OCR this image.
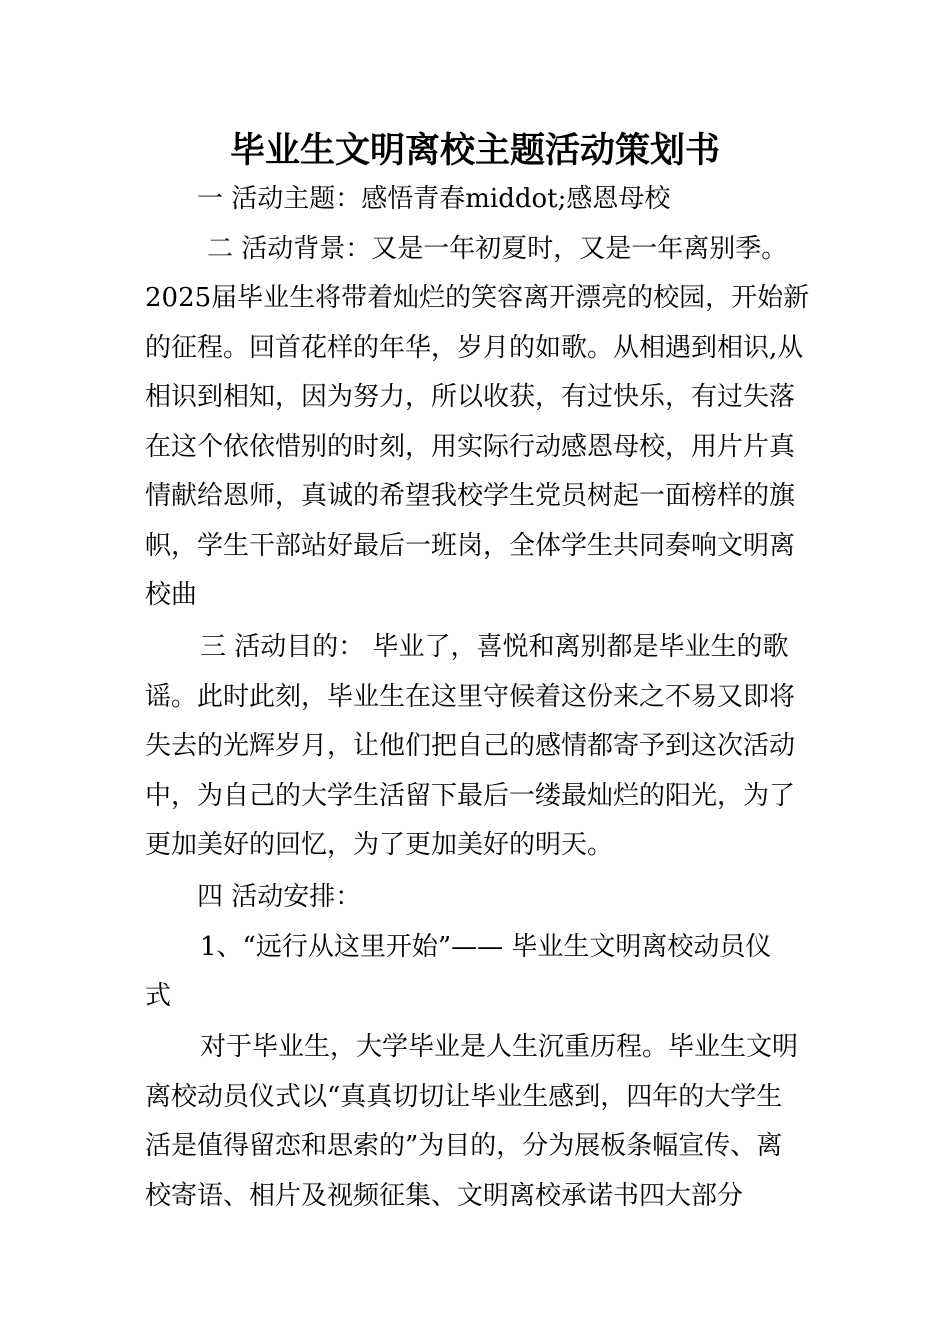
毕业生文明离校主题活动策划书
一 活动主题：感悟青春middot;感恩母校
二 活动背景：又是一年初夏时，又是一年离别季。
2025届毕业生将带着灿烂的笑容离开漂亮的校园，开始新
的征程。回首花样的年华，岁月的如歌。从相遇到相识,从
相识到相知，因为努力，所以收获，有过快乐，有过失落
在这个依依惜别的时刻，用实际行动感恩母校，用片片真
情献给恩师，真诚的希望我校学生党员树起一面榜样的旗
帜，学生干部站好最后一班岗，全体学生共同奏响文明离
校曲
三 活动目的： 毕业了，喜悦和离别都是毕业生的歌
谣。此时此刻，毕业生在这里守候着这份来之不易又即将
失去的光辉岁月，让他们把自己的感情都寄予到这次活动
中，为自己的大学生活留下最后一缕最灿烂的阳光，为了
更加美好的回忆，为了更加美好的明天。
四 活动安排：
1、“远行从这里开始”—— 毕业生文明离校动员仪
式
对于毕业生，大学毕业是人生沉重历程。毕业生文明
离校动员仪式以“真真切切让毕业生感到，四年的大学生
活是值得留恋和思索的”为目的，分为展板条幅宣传、离
校寄语、相片及视频征集、文明离校承诺书四大部分
